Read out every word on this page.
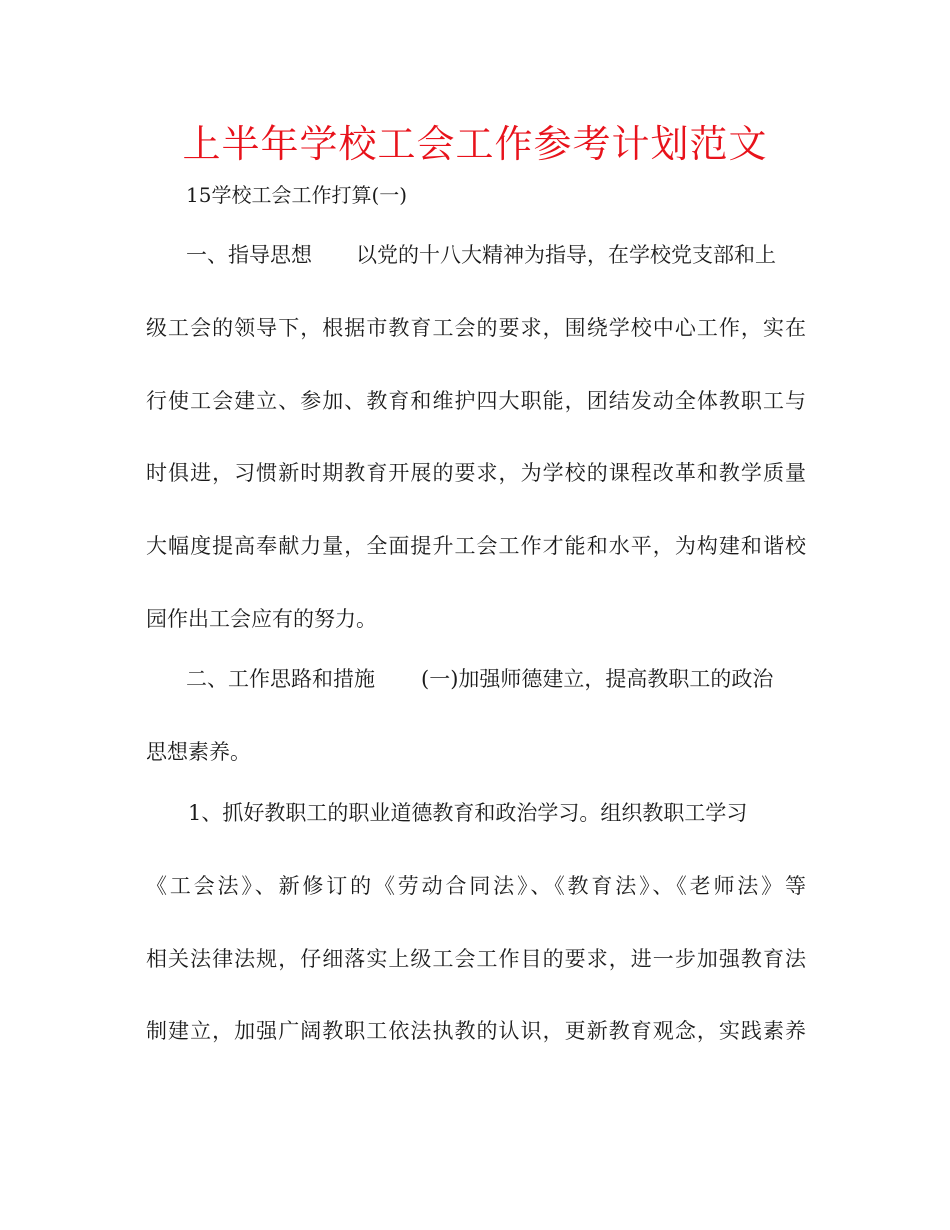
上半年学校工会工作参考计划范文
15学校工会工作打算(一)
一、指导思想 以党的十八大精神为指导，在学校党支部和上
级工会的领导下，根据市教育工会的要求，围绕学校中心工作，实在
行使工会建立、参加、教育和维护四大职能，团结发动全体教职工与
时俱进，习惯新时期教育开展的要求，为学校的课程改革和教学质量
大幅度提高奉献力量，全面提升工会工作才能和水平，为构建和谐校
园作出工会应有的努力。
二、工作思路和措施 (一)加强师德建立，提高教职工的政治
思想素养。
1、抓好教职工的职业道德教育和政治学习。组织教职工学习
《工会法》、新修订的《劳动合同法》、《教育法》、《老师法》等
相关法律法规，仔细落实上级工会工作目的要求，进一步加强教育法
制建立，加强广阔教职工依法执教的认识，更新教育观念，实践素养
